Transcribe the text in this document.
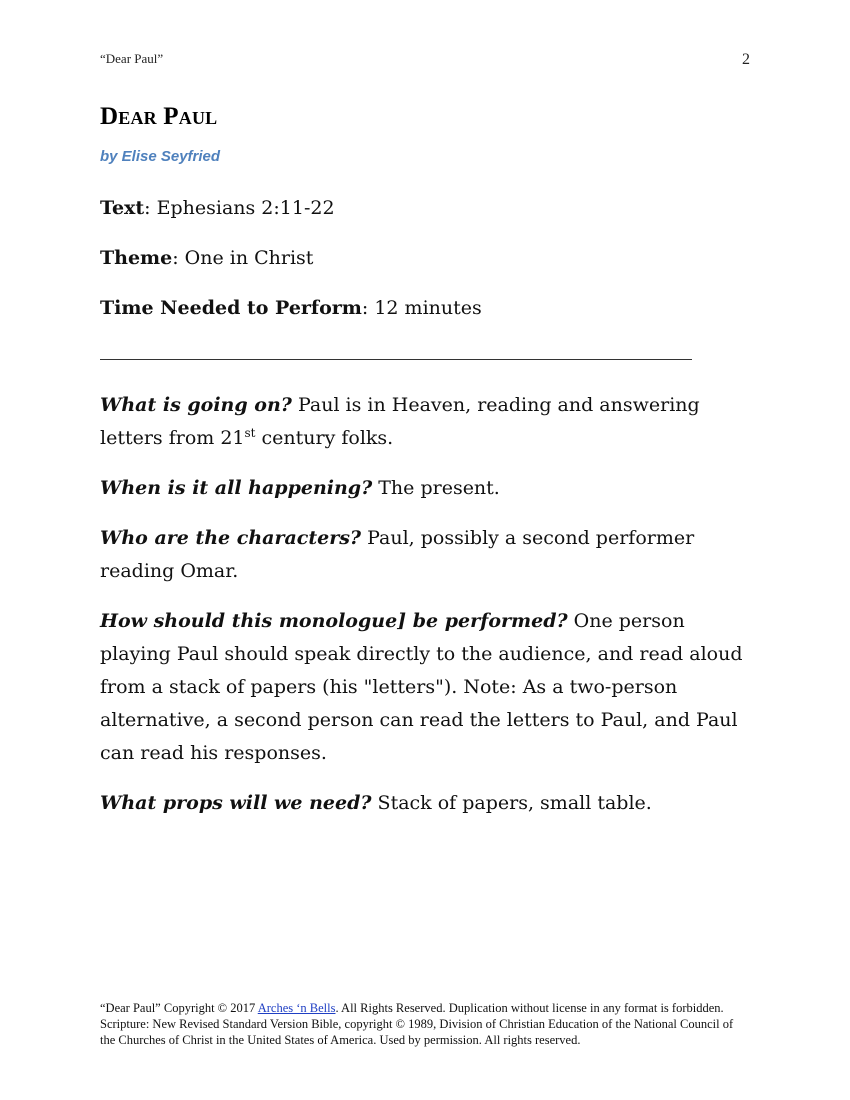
“Dear Paul”	2
Dear Paul
by Elise Seyfried

Text: Ephesians 2:11-22

Theme: One in Christ

Time Needed to Perform: 12 minutes

What is going on? Paul is in Heaven, reading and answering letters from 21st century folks.

When is it all happening? The present.

Who are the characters? Paul, possibly a second performer reading Omar.

How should this monologue] be performed? One person playing Paul should speak directly to the audience, and read aloud from a stack of papers (his "letters"). Note: As a two-person alternative, a second person can read the letters to Paul, and Paul can read his responses.

What props will we need? Stack of papers, small table.

“Dear Paul” Copyright © 2017 Arches ‘n Bells. All Rights Reserved. Duplication without license in any format is forbidden. Scripture: New Revised Standard Version Bible, copyright © 1989, Division of Christian Education of the National Council of the Churches of Christ in the United States of America. Used by permission. All rights reserved.
